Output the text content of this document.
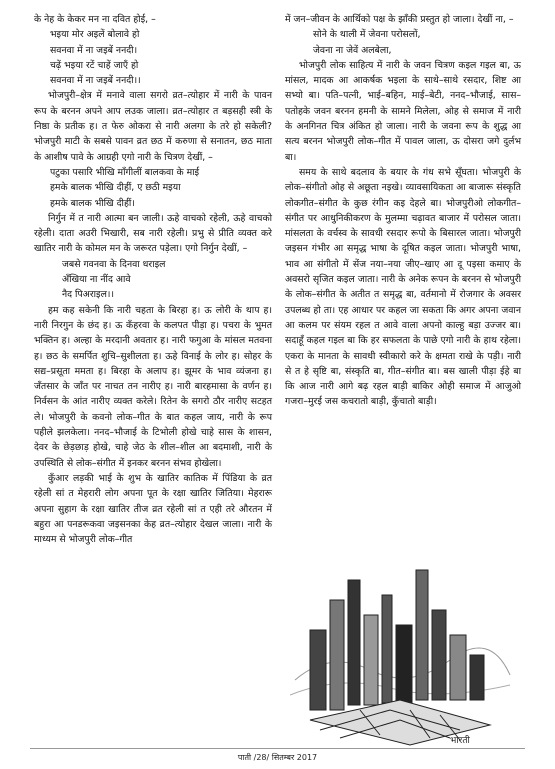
के नेह के केकर मन ना दवित होई, –

भइया मोर अइलें बोलावे हो

सवनवा में ना जइबें ननदी।

चढ़ें भइया रटें चाहें जाएँ हो

सवनवा में ना जइबें ननदी।।

भोजपुरी–क्षेत्र में मनावे वाला सगरो व्रत–त्योहार में नारी के पावन रूप के बरनन अपने आप लउक जाला। व्रत–त्योहार त बड़सही स्त्री के निष्ठा के प्रतीक ह। त फेरु ओकरा से नारी अलगा के तरे हो सकेली? भोजपुरी माटी के सबसे पावन व्रत छठ में करुणा से सनातन, छठ माता के आशीष पावे के आग्रही एगो नारी के चित्रण देखीं, –

पटुका पसारि भीखि माँगीलीं बालकवा के माई

हमके बालक भीखि दीहीं, ए छठी मइया

हमके बालक भीखि दीहीं।

निर्गुन में त नारी आत्मा बन जाली। ऊहे वाचको रहेली, ऊहे वाचको रहेली। दाता अउरी भिखारी, सब नारी रहेली। प्रभु से प्रीति व्यक्त करे खातिर नारी के कोमल मन के जरूरत पड़ेला। एगो निर्गुन देखीं, –

जबसे गवनवा के दिनवा धराइल

अँखिया ना नींद आवे

नैद पिअराइल।।

हम कह सकेनी कि नारी चहता के बिरहा ह। ऊ लोरी के थाप ह। नारी निरगुन के छंद ह। ऊ कँहरवा के कलपत पीड़ा ह। पचरा के भुमत भक्तिन ह। अल्हा के मरदानी अवतार ह। नारी फगुआ के मांसल मतवना ह। छठ के समर्पित शुचि–सुशीलता ह। ऊहे विनाई के लोर ह। सोहर के सद्य–प्रसूता ममता ह। बिरहा के अलाप ह। झूमर के भाव व्यंजना ह। जँतसार के जाँत पर नाचत तन नारीए ह। नारी बारहमासा के वर्णन ह। निर्वसन के आंत नारीए व्यक्त करेले। रितेन के सगरो ठौर नारीए सटहत ले। भोजपुरी के कवनो लोक–गीत के बात कहल जाय, नारी के रूप पहीले झलकेला। ननद–भौजाई के टिभोली होखे चाहे सास के शासन, देवर के छेड़छाड़ होखे, चाहे जेठ के शील–शील आ बदमाशी, नारी के उपस्थिति से लोक–संगीत में इनकर बरनन संभव होखेला।

कुँआर लड़की भाई के शुभ के खातिर कातिक में पिंडिया के व्रत रहेली सां त मेहरारी लोग अपना पूत के रक्षा खातिर जितिया। मेहरारू अपना सुहाग के रक्षा खातिर तीज व्रत रहेली सां त एही तरे औरतन में बहुरा आ पनडरूकवा जइसनका केह व्रत–त्योहार देखल जाला। नारी के माध्यम से भोजपुरी लोक–गीत

में जन–जीवन के आर्थिको पक्ष के झाँकी प्रस्तुत हो जाला। देखीं ना, –

सोने के थाली में जेवना परोसलों,

जेवना ना जेवें अलबेला,

भोजपुरी लोक साहित्य में नारी के जवन चित्रण कइल गइल बा, ऊ मांसल, मादक आ आकर्षक भइला के साथे–साथे रसदार, शिष्ट आ सभ्यो बा। पति–पत्नी, भाई–बहिन, माई–बेटी, ननद–भौजाई, सास–पतोहके जवन बरनन हमनी के सामने मिलेला, ओह से समाज में नारी के अनगिनत चित्र अंकित हो जाला। नारी के जवना रूप के शुद्ध आ सत्य बरनन भोजपुरी लोक–गीत में पावल जाला, ऊ दोसरा जगे दुर्लभ बा।

समय के साथे बदलाव के बयार के गंध सभे सूँघता। भोजपुरी के लोक–संगीतो ओह से अछूता नइखे। व्यावसायिकता आ बाजारू संस्कृति लोकगीत–संगीत के कुछ रंगीन कइ देहले बा। भोजपुरीओ लोकगीत–संगीत पर आधुनिकीकरण के मुलम्मा चढ़ावत बाजार में परोसल जाता। मांसलता के वर्चस्व के सावधी रसदार रूपो के बिसारल जाता। भोजपुरी जइसन गंभीर आ समृद्ध भाषा के दूषित कइल जाता। भोजपुरी भाषा, भाव आ संगीतो में सेंज नया–नया जीए–खाए आ दू पइसा कमाए के अवसरो सृजित कइल जाता। नारी के अनेक रूपन के बरनन से भोजपुरी के लोक–संगीत के अतीत त समृद्ध बा, वर्तमानो में रोजगार के अवसर उपलब्ध हो ता। एह आधार पर कहल जा सकता कि अगर अपना जवान आ कलम पर संयम रहल त आवे वाला अपनो काल्हु बड़ा उज्जर बा। सदाहूँ कहल गइल बा कि हर सफलता के पाछे एगो नारी के हाथ रहेला। एकरा के मानता के सावधी स्वीकारो करे के क्षमता राखे के पड़ी। नारी से त हे सृष्टि बा, संस्कृति बा, गीत–संगीत बा। बस खाली पीड़ा ईहे बा कि आज नारी आगे बढ़ रहल बाड़ी बाकिर ओही समाज में आजुओ गजरा–मुरई जस कचरातो बाड़ी, कुँचातो बाड़ी।

भारती
पाती /28/ सितम्बर 2017
